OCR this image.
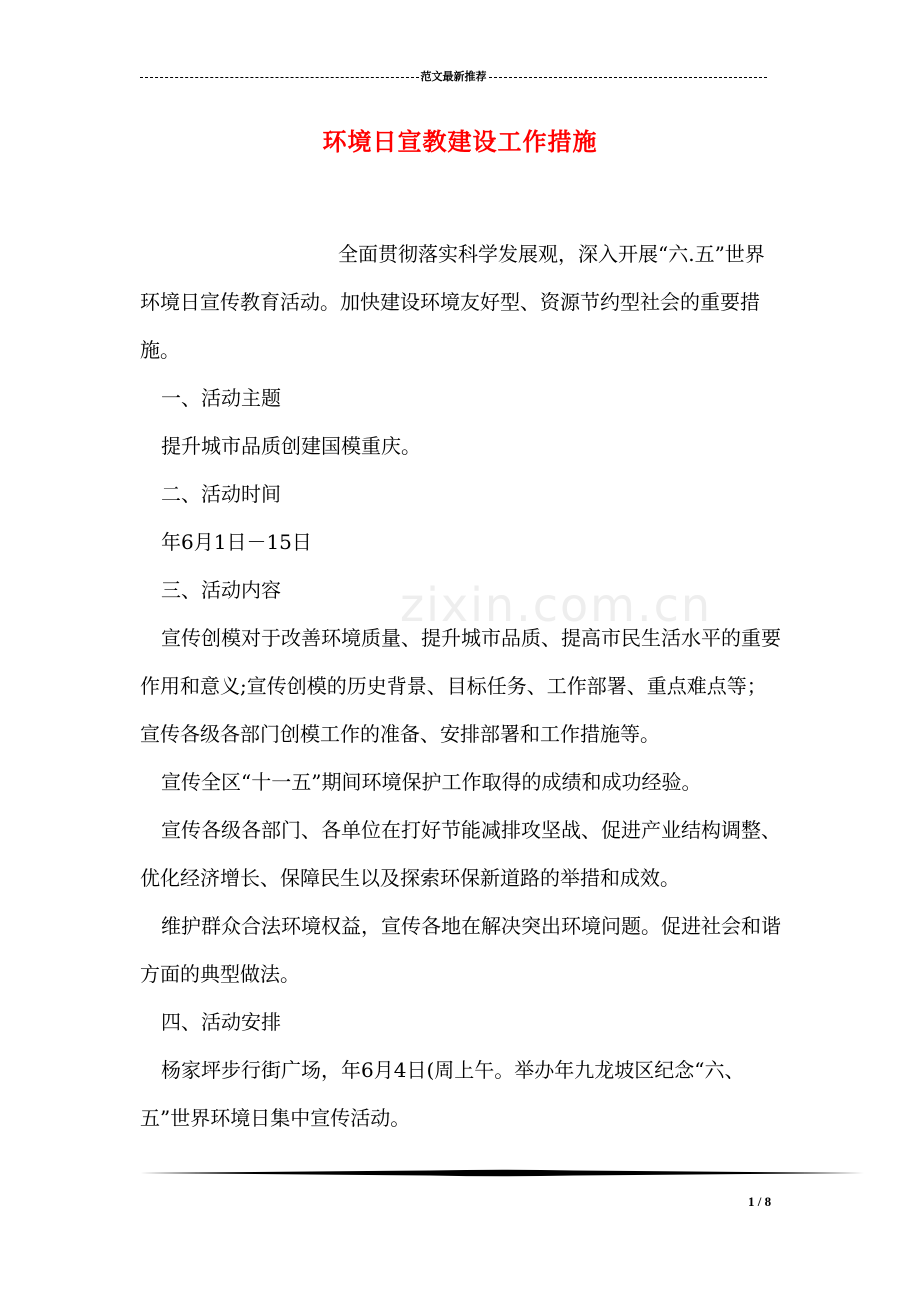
范文最新推荐
zixin.com.cn
环境日宣教建设工作措施

全面贯彻落实科学发展观，深入开展“六.五”世界环境日宣传教育活动。加快建设环境友好型、资源节约型社会的重要措施。

一、活动主题

提升城市品质创建国模重庆。

二、活动时间

年6月1日－15日

三、活动内容

宣传创模对于改善环境质量、提升城市品质、提高市民生活水平的重要作用和意义;宣传创模的历史背景、目标任务、工作部署、重点难点等；宣传各级各部门创模工作的准备、安排部署和工作措施等。

宣传全区“十一五”期间环境保护工作取得的成绩和成功经验。

宣传各级各部门、各单位在打好节能减排攻坚战、促进产业结构调整、优化经济增长、保障民生以及探索环保新道路的举措和成效。

维护群众合法环境权益，宣传各地在解决突出环境问题。促进社会和谐方面的典型做法。

四、活动安排

杨家坪步行街广场，年6月4日(周上午。举办年九龙坡区纪念“六、五”世界环境日集中宣传活动。

1 / 8
